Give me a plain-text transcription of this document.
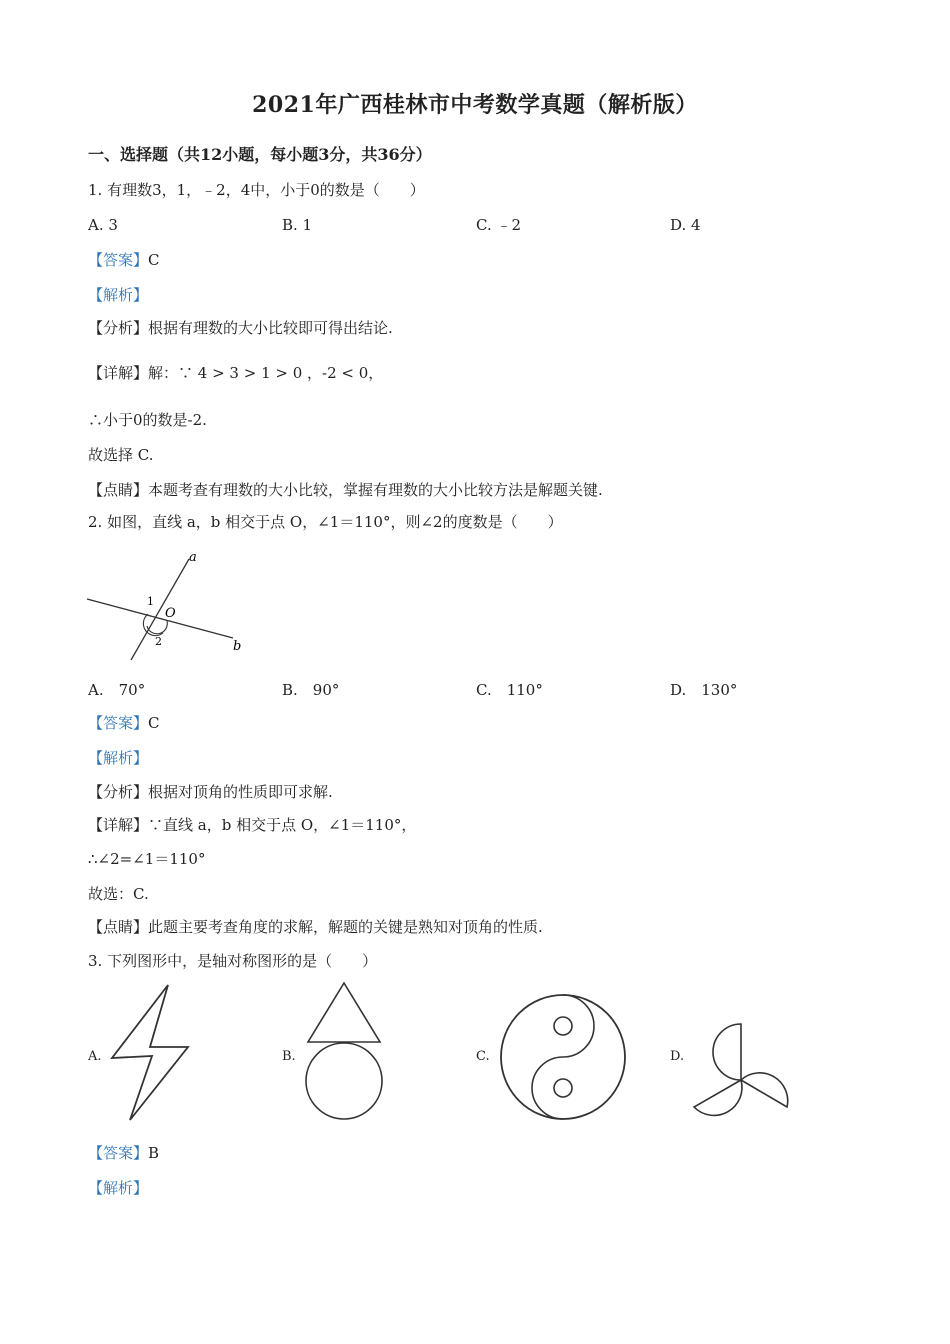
2021年广西桂林市中考数学真题（解析版）
一、选择题（共12小题，每小题3分，共36分）
1. 有理数3，1，﹣2，4中，小于0的数是（　　）
A. 3	B. 1	C. ﹣2	D. 4
【答案】C
【解析】
【分析】根据有理数的大小比较即可得出结论.
【详解】解：∵ 4 > 3 > 1 > 0 ，-2 < 0，
∴小于0的数是-2.
故选择 C.
【点睛】本题考查有理数的大小比较，掌握有理数的大小比较方法是解题关键.
2. 如图，直线 a，b 相交于点 O，∠1＝110°，则∠2的度数是（　　）
a
b
O
1
2
A.　70°	B.　90°	C.　110°	D.　130°
【答案】C
【解析】
【分析】根据对顶角的性质即可求解.
【详解】∵直线 a，b 相交于点 O，∠1＝110°，
∴∠2=∠1＝110°
故选：C.
【点睛】此题主要考查角度的求解，解题的关键是熟知对顶角的性质.
3. 下列图形中，是轴对称图形的是（　　）
A.	B.	C.	D.
【答案】B
【解析】
